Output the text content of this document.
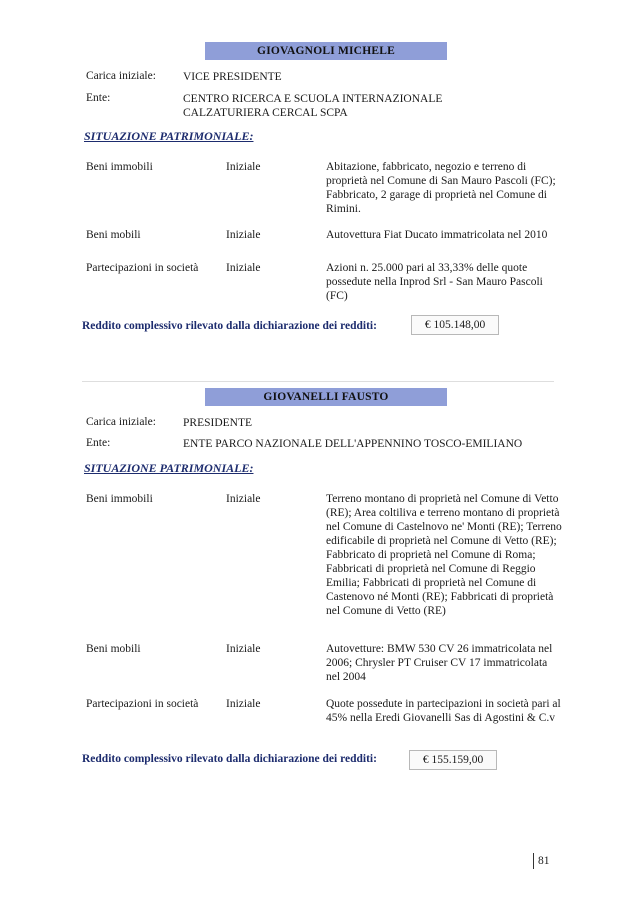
GIOVAGNOLI MICHELE
Carica iniziale: VICE PRESIDENTE
Ente:	CENTRO RICERCA E SCUOLA INTERNAZIONALE CALZATURIERA CERCAL SCPA
SITUAZIONE PATRIMONIALE:
Beni immobili	Iniziale	Abitazione, fabbricato, negozio e terreno di proprietà nel Comune di San Mauro Pascoli (FC); Fabbricato, 2 garage di proprietà nel Comune di Rimini.
Beni mobili	Iniziale	Autovettura Fiat Ducato immatricolata nel 2010
Partecipazioni in società Iniziale	Azioni n. 25.000 pari al 33,33% delle quote possedute nella Inprod Srl - San Mauro Pascoli (FC)
Reddito complessivo rilevato dalla dichiarazione dei redditi:	€ 105.148,00
GIOVANELLI FAUSTO
Carica iniziale: PRESIDENTE
Ente:	ENTE PARCO NAZIONALE DELL'APPENNINO TOSCO-EMILIANO
SITUAZIONE PATRIMONIALE:
Beni immobili	Iniziale	Terreno montano di proprietà nel Comune di Vetto (RE); Area coltiliva e terreno montano di proprietà nel Comune di Castelnovo ne' Monti (RE); Terreno edificabile di proprietà nel Comune di Vetto (RE); Fabbricato di proprietà nel Comune di Roma; Fabbricati di proprietà nel Comune di Reggio Emilia; Fabbricati di proprietà nel Comune di Castenovo né Monti (RE); Fabbricati di proprietà nel Comune di Vetto (RE)
Beni mobili	Iniziale	Autovetture: BMW 530 CV 26 immatricolata nel 2006; Chrysler PT Cruiser CV 17 immatricolata nel 2004
Partecipazioni in società Iniziale	Quote possedute in partecipazioni in società pari al 45% nella Eredi Giovanelli Sas di Agostini & C.v
Reddito complessivo rilevato dalla dichiarazione dei redditi:	€ 155.159,00
81
